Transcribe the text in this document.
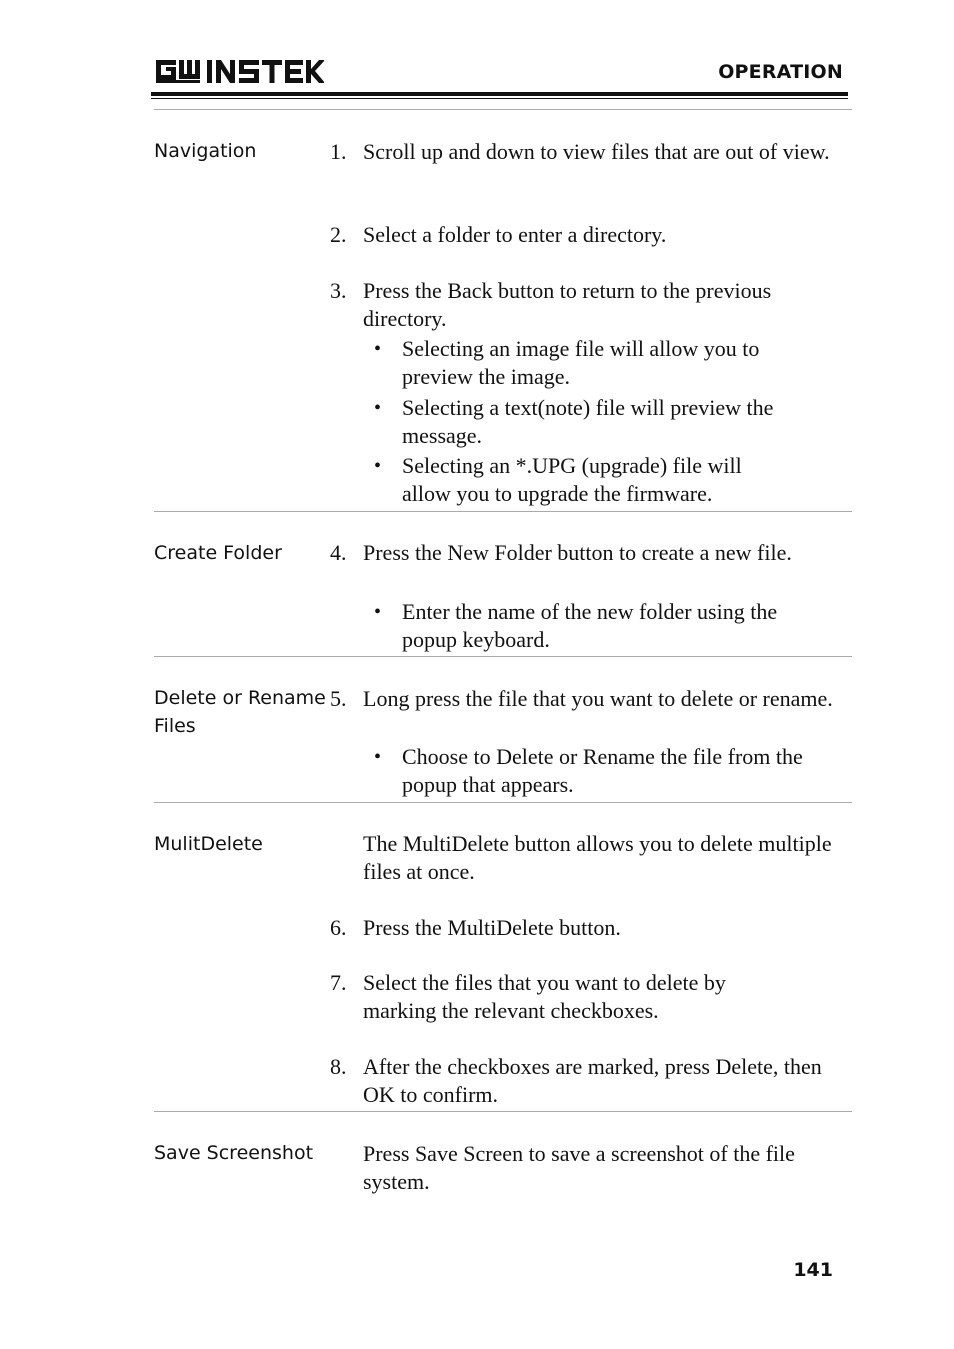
OPERATION
Navigation	1. Scroll up and down to view files that are out of view.
2. Select a folder to enter a directory.
3. Press the Back button to return to the previous directory.
• Selecting an image file will allow you to preview the image.
• Selecting a text(note) file will preview the message.
• Selecting an *.UPG (upgrade) file will allow you to upgrade the firmware.
Create Folder 4. Press the New Folder button to create a new file.
• Enter the name of the new folder using the popup keyboard.
Delete or Rename Files
5. Long press the file that you want to delete or rename.
• Choose to Delete or Rename the file from the popup that appears.
MulitDelete	The MultiDelete button allows you to delete multiple files at once.
6. Press the MultiDelete button.
7. Select the files that you want to delete by marking the relevant checkboxes.
8. After the checkboxes are marked, press Delete, then OK to confirm.
Save Screenshot Press Save Screen to save a screenshot of the file system.
141
